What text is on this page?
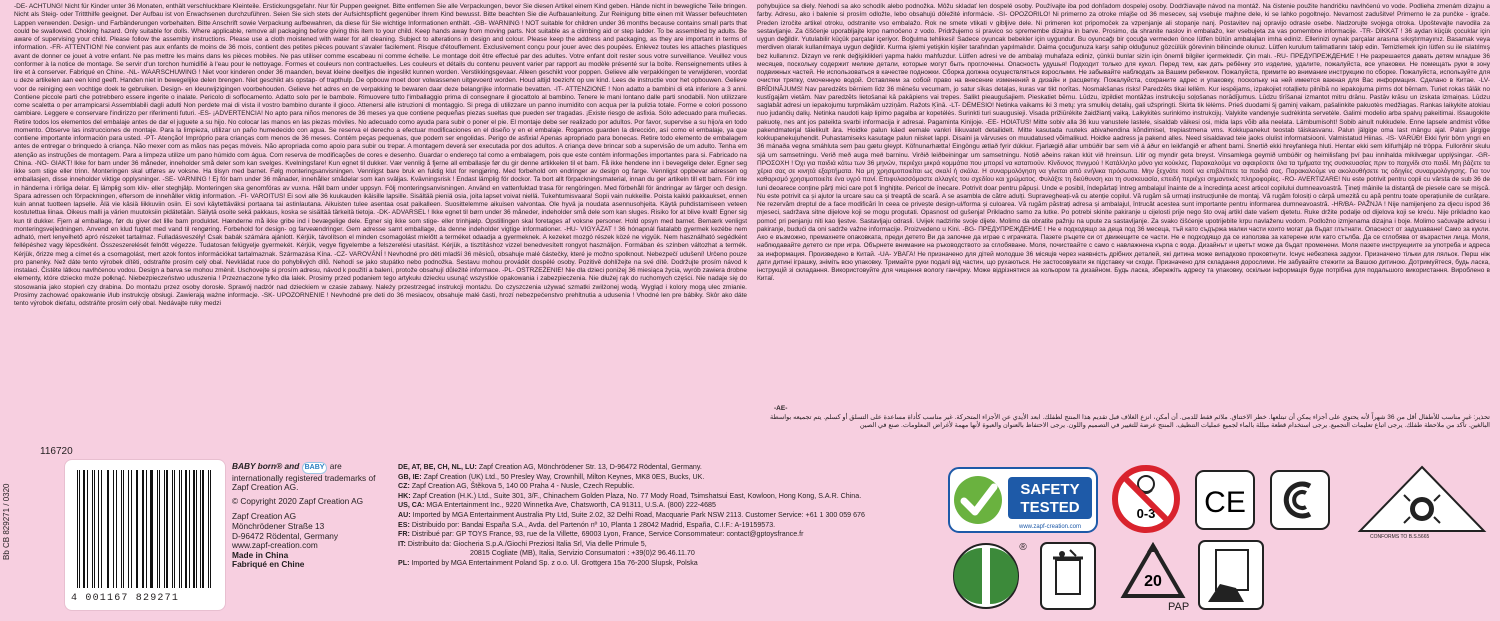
-DE- ACHTUNG! Nicht für Kinder unter 36 Monaten, enthält verschluckbare Kleinteile. Erstickungsgefahr. Nur für Puppen geeignet. Bitte entfernen Sie alle Verpackungen, bevor Sie diesen Artikel einem Kind geben. Hände nicht in bewegliche Teile bringen. Nicht als Steig- oder Trittthilfe geeignet. Der Aufbau ist von Erwachsenen durchzuführen. Seien Sie sich stets der Aufsichtspflicht gegenüber Ihrem Kind bewusst. Bitte beachten Sie die Aufbauanleitung. Zur Reinigung bitte einen mit Wasser befeuchteten Lappen verwenden. Design- und Farbänderungen vorbehalten. Bitte Anschrift sowie Verpackung aufbewahren, da diese für Sie wichtige Informationen enthält. -GB- WARNING ! NOT suitable for children under 36 months because contains small parts that could be swallowed. Choking hazard. Only suitable for dolls. Where applicable, remove all packaging before giving this item to your child. Keep hands away from moving parts. Not suitable as a climbing aid or step ladder. To be assembled by adults. Be aware of supervising your child. Please follow the assembly instructions. Please use a cloth moistened with water for all cleaning. Subject to alterations in design and colour. Please keep the address and packaging, as they are important in terms of information. -FR- ATTENTION! Ne convient pas aux enfants de moins de 36 mois, contient des petites pièces pouvant s'avaler facilement. Risque d'étouffement. Exclusivement conçu pour jouer avec des poupées. Enlevez toutes les attaches plastiques avant de donner ce jouet à votre enfant. Ne pas mettre les mains dans les pièces mobiles. Ne pas utiliser comme escabeau ni comme échelle. Le montage doit être effectué par des adultes. Votre enfant doit rester sous votre surveillance. Veuillez vous conformer à la notice de montage. Se servir d'un torchon humidifié à l'eau pour le nettoyage. Formes et couleurs non contractuelles. Les couleurs et détails du contenu peuvent varier par rapport au modèle présenté sur la boîte. Renseignements utiles à lire et à conserver. Fabriqué en Chine. -NL- WAARSCHUWING ! Niet voor kinderen onder 36 maanden, bevat kleine deeltjes die ingeslikt kunnen worden. Verstikkingsgevaar. Alleen geschikt voor poppen. Gelieve alle verpakkingen te verwijderen, voordat u deze artikelen aan een kind geeft. Handen niet in bewegelijke delen brengen. Niet geschikt als opstap- of trapthulp. De opbouw moet door volwassenen uitgevoerd worden. Houd altijd toezicht op uw kind. Lees de instructie voor het opbouwen. Gelieve voor de reiniging een vochtige doek te gebruiken. Design- en kleurwijzigingen voorbehouden. Gelieve het adres en de verpakking te bewaren daar deze belangrijke informatie bevatten. -IT- ATTENZIONE ! Non adatto a bambini di età inferiore a 3 anni. Contiene piccole parti che potrebbero essere ingerite o inalate. Pericolo di soffocamento. Adatto solo per le bambole. Rimuovere tutto l'imballaggio prima di consegnare il giocattolo al bambino. Tenere le mani lontano dalle parti snodabili. Non utilizzare come scaletta o per arrampicarsi Assemblabili dagli adulti Non perdete mai di vista il vostro bambino durante il gioco. Attenersi alle istruzioni di montaggio. Si prega di utilizzare un panno inumidito con acqua per la pulizia totale. Forme e colori possono cambiare. Leggere e conservare l'indirizzo per riferimenti futuri. -ES- ¡ADVERTENCIA! No apto para niños menores de 36 meses ya que contiene pequeñas piezas sueltas que pueden ser tragadas. ¡Existe riesgo de asfixia. Sólo adecuado para muñecas. Retire todos los elementos del embalaje antes de dar el juguete a su hijo. No colocar las manos en las piezas móviles. No adecuado como ayuda para subir o poner el pie. El montaje debe ser realizado por adultos. Por favor, supervise a su hijo/a en todo momento. Observe las instrucciones de montaje. Para la limpieza, utilizar un paño humedecido con agua. Se reserva el derecho a efectuar modificaciones en el diseño y en el embalaje. Rogamos guarden la dirección, así como el embalaje, ya que contiene importante información para usted. -PT- Atenção! Impróprio para crianças com menos de 36 meses. Contém peças pequenas, que podem ser engolidas. Perigo de asfixia! Apenas apropriado para bonecas. Retire todo elemento de embalagem antes de entregar o brinquedo à criança. Não mexer com as mãos nas peças móveis. Não apropriada como apoio para subir ou trepar. A montagem deverá ser executada por dos adultos. A criança deve brincar sob a supervisão de um adulto. Tenha em atenção as instruções de montagem. Para a limpeza utilize um pano húmido com água. Com reserva de modificações de cores e desenho. Guardar o endereço tal como a embalagem, pois que este contém informações importantes para si. Fabricado na China. -NO- GIAKT! Ikke for barn under 36 måneder, inneholder små deler som kan svelges. Kvelningsfare! Kun egnet til dukker. Vær vennlig å fjerne all emballasje før du gir denne artikkelen til et barn. Få ikke hendene inn i bevegelige deler. Egner seg ikke som stige eller trinn. Monteringen skal utføres av voksne. Ha tilsyn med barnet. Følg monteringsanvisningen. Vennligst bare bruk en fuktig klut for rengjøring. Med forbehold om endringer av design og farge. Vennligst oppbevar adressen og emballasjen, disse inneholder viktige opplysninger. -SE- VARNING ! Ej för barn under 36 månader, innehåller smådelar som kan sväljas. Kvävningsrisk ! Endast lämplig för dockor. Ta bort allt förpackningsmaterial, innan du ger artikeln till ett barn. För inte in händerna i rörliga delar. Ej lämplig som kliv- eller steghjälp. Monteringen ska genomföras av vuxna. Håll barn under uppsyn. Följ monteringsanvisningen. Använd en vattenfuktad trasa för rengöringen. Med förbehåll för ändringar av färger och design. Spara adressen och förpackningen, eftersom de innehåller viktig information. -FI- VAROITUS! Ei sovi alle 36 kuukauden ikäisille lapsille. Sisältää pieniä osia, joita lapset voivat niellä. Tukehtumisvaara! Sopii vain nukkeille. Poista kaikki pakkaukset, ennen kuin annat tuotteen lapselle. Älä vie käsiä liikkuviin osiin. Ei sovi käytettäväksi portaana tai astinlautana. Aikuisten tulee asentaa osat paikalleen. Suosittelemme aikuisen valvontaa. Ole hyvä ja noudata asennusohjeita. Käytä puhdistamiseen veteen kostutettua liinaa. Oikeus malli ja värien muutoksiin pidätetään. Säilytä osoite sekä pakkaus, koska se sisältää tärkeitä tietoja. -DK- ADVARSEL ! Ikke egnet til børn under 36 måneder, indeholder små dele som kan sluges. Risiko for at blive kvalt! Egner sig kun til dukker. Fjern al emballage, før du giver det lille barn produktet. Hænderne må ikke gribe ind i bevægelige dele. Egner sig ikke som stige- eller trinhjælp. Opstillingen skal foretages af voksne personer. Hold opsyn med barnet. Bemærk venligst monteringsvejledningen. Anvend en klud fugtet med vand til rengøring. Forbehold for design- og farveændringer. Gem adresse samt emballage, da denne indeholder vigtige informationer. -HU- VIGYÁZAT ! 36 hónapnál fiatalabb gyermek kezébe nem adható, mert lenyelhető apró részeket tartalmaz. Fulladásveszély! Csak babák számára ajánlott. Kérjük, távolítson el minden csomagolást mielőtt a terméket odaadja a gyermeknek. A kezeket mozgó részek közé ne vigyük. Nem használható segédként fellépéshez vagy lépcsőként. Összeszerelését felnőtt végezze. Tudatosan felügyelje gyermekét. Kérjük, vegye figyelembe a felszerelési utasítást. Kérjük, a tisztításhoz vizzel benedvesített rongyot használjon. Formában és színben változhat a termék. Kérjük, őrizze meg a címet és a csomagolást, mert azok fontos információkat tartalmaznak. Származása Kína. -CZ- VAROVÁNÍ ! Nevhodné pro děti mladší 36 měsíců, obsahuje malé částečky, které je možno spolknout. Nebezpečí udušení! Určeno pouze pro panenky. Než dáte tento výrobek dítěti, odstraňte prosím celý obal. Nevkládat ruce do pohyblivých dílů. Nehodí se jako stupátko nebo podnožka. Sestavu mohou provádět dospělé osoby. Pozitivě dohlížejte na své dítě. Dodržujte prosím návod k instalaci. Čistěte látkou navlhčenou vodou. Design a barva se mohou změnit. Uschovejte si prosím adresu, návod k použití a balení, protože obsahují důležité informace. -PL- OSTRZEŻENIE! Nie dla dzieci poniżej 36 miesiąca życia, wyrób zawiera drobne elementy, które dziecko może połknąć. Niebezpieczeństwo uduszenia ! Przeznaczone tylko dla lalek. Prosimy przed podaniem tego artykułu dziecku usunąć wszystkie opakowania i zabezpieczenia. Nie dłużej rąk do ruchomych części. Nie nadaje się do stosowania jako stopień czy drabina. Do montażu przez osoby dorosłe. Sprawój nadzór nad dzieckiem w czasie zabawy. Należy przestrzegać instrukcji montażu. Do czyszczenia używać szmatki zwilżonej wodą. Wygląd i kolory mogą ulec zmianie. Prosimy zachować opakowanie i/lub instrukcję obsługi. Zawierają ważne informacje. -SK- UPOZORNENIE ! Nevhodné pre deti do 36 mesiacov, obsahuje malé časti, hrozí nebezpečenstvo prehltnutia a udusenia ! Vhodné len pre bábiky. Skôr ako dáte tento výrobok dieťatu, odstráňte prosím celý obal. Nedávajte ruky medzi

pohybujúce sa diely. Nehodí sa ako schodík alebo podnožka. Môžu skladať len dospelé osoby. Používajte iba pod dohľadom dospelej osoby. Dodržiavajte návod na montáž. Na čistenie použite handričku navlhčenú vo vode. Podlieha zmenám dizajnu a farby. Adresu, ako i balenie si prosím odložte, lebo obsahujú dôležité informácie. -SI- OPOZORILO! Ni primerno za otroke mlajše od 36 mesecev, saj vsebuje majhne dele, ki se lahko pogoltnejo. Nevarnost zadušitve! Primerno le za punčke - igrače. Preden izročite artikel otroku, odstranite vso embalažo. Rok ne smete vtikati v gibljive dele. Ni primeren kot pripomoček za vzpenjanje ali stopanje nanj. Postavitev naj opravijo odrasle osebe. Nadzorujte svojega otroka. Upoštevajte navodila za sestavljanje. Za čiščenje uporabljajte krpo namočeno z vodo. Pridržujemo si pravico so spremembe dizajna in barve. Prosimo, da shranite naslov in embalažo, ker vsebujeta za vas pomembne informacije. -TR- DİKKAT ! 36 aydan küçük çocuklar için uygun değildir. Yutulabilir küçük parçalar içeriyor. Boğulma tehlikesi! Sadece oyuncak bebekler için uygundur. Bu oyuncağı bir çocuğa vermeden önce lütfen bütün ambalajları imha ediniz. Ellerinizi oynak parçalar arasına sıkıştırmayınız. Basamak veya merdiven olarak kullanılmaya uygun değildir. Kurma işlemi yetişkin kişiler tarafından yapılmalıdır. Daima çocuğunuza karşı sahip olduğunuz gözcülük görevinin bilincinde olunuz. Lütfen kurulum talimatlarını takip edin. Temizlemek için lütfen su ile ıslatılmış bez kullanınız. Dizayn ve renk değişiklikleri yapma hakkı mahfuzdur. Lütfen adresi ve de ambalajı muhafaza ediniz, çünkü bunlar sizin için önemli bilgiler içermektedir. Çin malı. -RU- ПРЕДУПРЕЖДЕНИЕ ! Не разрешается давать детям младше 36 месяцев, поскольку содержит мелкие детали, которые могут быть проглочены. Опасность удушья! Подходит только для кукол. Перед тем, как дать ребёнку это изделие, удалите, пожалуйста, все упаковки. Не помещать руки в зону подвижных частей. Не использоваться в качестве подножки. Сборка должна осуществляться взрослыми. Не забывайте наблюдать за Вашим ребенком. Пожалуйста, примите во внимание инструкцию по сборке. Пожалуйста, используйте для очистки тряпку, смоченную водой. Оставляем за собой право на внесение изменений в дизайн и расцветку. Пожалуйста, сохраните адрес и упаковку, поскольку на ней имеется важная для Вас информация. Сделано в Китае. -LV- BRĪDINĀJUMS! Nav paredzēts bērniem līdz 36 mēnešu vecumam, jo satur sīkas detaļas, kuras var tikt norītas. Nosmakšanas risks! Paredzēts tikai lellēm. Kur iespējams, izpakojiet rotaļlietu pilnībā no iepakojuma pirms dot bērnam. Turiet rokas tālāk no kustīgajām vietām. Nav paredzēts lietošanai kā pakāpiens vai trepes. Salikt pieaugušajiem. Pieskatiet bērnu. Lūdzu, izpildiet montāžas instrukciju soļošanas norādījumus. Lūdzu tīrīšanai izmantot mitru drānu. Pastāv krāsu un izskata izmaiņas. Lūdzu saglabāt adresi un iepakojumu turpmākām uzziņām. Ražots Ķīnā. -LT- DĖMESIO! Netinka vaikams iki 3 metų: yra smulkių detalių, gali užspringti. Skirta tik lėlėms. Prieš duodami šį gaminį vaikam, pašalinkite pakuotės medžiagas. Rankas laikykite atokiau nuo judančių dalių. Netinka naudoti kaip lipimo pagalba ar kopetėlės. Surinkti turi suaugusieji. Visada prižiūrėkite žaidžiantį vaiką. Laikykitės surinkimo instrukcijų. Valykite vandenyje sudrėkinta servetėle. Galimi modelio arba spalvų pakeitimai. Išsaugokite pakuotę, nes ant jos pateikta svarbi informacija ir adresai. Pagaminta Kinijoje. -EE- HOIATUS! Mitte sobiv alla 36 kuu vanustele lastele, sisaldab väikesi osi, mida laps võib alla neelata. Lämbumisoht! Sobib ainult nukkudele. Enne lapsele andmist võtke pakendmaterjal täielikult ära. Hoidke palun käed eemale vankri liikuvatelt detailidelt. Mitte kasutada ruuteks abivahendina kõndimisel, trepiastmena vms. Kokkupanekut teostab täiskasvanu. Palun jälgige oma last mängu ajal. Palun järgige kokkupanekujuhendit. Puhastamiseks kasutage palun niisket lappi. Disaini ja värvuses on muudatused võimalikud. Hoidke aadress ja pakend alles. Need sisaldavad teie jaoks olulist informatsiooni. Valmistatud Hiinas. -IS- VARÚÐ! Ekki fyrir börn yngri en 36 mánaða vegna smáhluta sem þau gætu gleypt. Köfnunarhætta! Eingöngu ætlað fyrir dúkkur. Fjarlægið allar umbúðir bar sem við á áður en leikfangið er afhent barni. Snertið ekki hreyfanlega hluti. Hentar ekki sem klifurhjálp né tröppa. Fullorðnir skulu sjá um samsetningu. Verið með auga með barninu. Virðið leiðbeiningar um samsetningu. Notið aðeins rakan klút við hreinsun. Litir og myndir geta breyst. Vinsamlega geymið umbúðir og heimilisfang því þau innihalda mikilvægar upplýsingar. -GR- ΠΡΟΣΟΧΗ ! Όχι για παιδιά κάτω των 36 μηνών, περιέχει μικρά κομμάτια που μπορεί να καταπιούν. Κίνδυνος πνιγμού ! Κατάλληλο μόνο για κούκλες. Παρακαλούμε να αφαιρέσετε όλα τα τμήματα της συσκευασίας πριν το παιχνίδι στο παιδί. Μη βάζετε τα χέρια σας σε κινητά εξαρτήματα. Να μη χρησιμοποιείται ως σκαλί ή σκάλα. Η συναρμολόγηση να γίνεται από ενήλικα πρόσωπα. Μην ξεχνάτε ποτέ να επιβλέπετε τα παιδιά σας. Παρακαλούμε να ακολουθήσετε τις οδηγίες συναρμολόγησης. Για τον καθαρισμό χρησιμοποιείτε ένα υγρό πανί. Επιφυλασσόμαστε αλλαγές του σχεδίου και χρώματος. Φυλάξτε τη διεύθυνση και τη συσκευασία, επειδή περιέχει σημαντικές πληροφορίες. -RO- AVERTIZARE! Nu este potrivit pentru copii cu vârsta de sub 36 de luni deoarece conține părți mici care pot fi înghițite. Pericol de înecare. Potrivit doar pentru păpuși. Unde e posibil, îndepărtați întreg ambalajul înainte de a încredința acest articol copilului dumneavoastră. Țineți mâinile la distanță de piesele care se mișcă. Nu este potrivit ca și ajutor la urcare sau ca și treaptă de scară. A se asambla de către adulți. Supravegheați-vă cu atenție copilul. Vă rugăm să urmați instrucțiunile de montaj. Vă rugăm folosiți o cârpă umezită cu apă pentru toate operațiunile de curățare. Ne rezervăm dreptul de a face modificări în ceea ce privește design-ul/forma și culoarea. Vă rugăm păstrați adresa și ambalajul, întrucât acestea sunt importante pentru informarea dumneavoastră. -HR/BA- PAŽNJA ! Nije namijenjeno za djecu ispod 36 mjeseci, sadržava sitne dijelove koji se mogu progutati. Opasnost od gušenja! Prikladno samo za lutke. Po potrebi skinite pakiranje u cijelosti prije nego što ovaj artikl date vašem djetetu. Ruke držite podalje od dijelova koji se kreću. Nije prikladno kao pomoć pri penjanju niti kao ljestve. Sastavljaju odrasli. Uvijek nadzirite svoje dijete. Molimo da obratite pažnju na upute za sastavljanje. Za svako čišćenje upotrijebite krpu navlaženu vodom. Podložno izmjenama dizajna i boje. Molimo sačuvajte adresu i pakiranje, budući da oni sadrže važne informacije. Proizvedeno u Kini. -BG- ПРЕДУПРЕЖДЕНИЕ ! Не е подходящо за деца под 36 месеца, тъй като съдържа малки части които могат да бъдат глътнати. Опасност от задушаване! Само за кукли. Ако е възможно, премахнете опаковката, преди детето Ви да започне да играе с играчката. Пазете ръцете си от движещите се части. Не е подходящо да се използва за катерене или като стълба. Да се сглобява от възрастни лица. Моля, наблюдавайте детето си при игра. Обърнете внимание на ръководството за сглобяване. Моля, почиствайте с само с навлажнена кърпа с вода. Дизайнът и цветът може да бъдат променени. Моля пазете инструкциите за употреба и адреса за информация. Произведено в Китай. -UA- УВАГА! Не призначено для дітей молодше 36 місяців через наявність дрібних деталей, які дитина може випадково проковтнути. Існує небезпека задухи. Призначено тільки для ляльок. Перш ніж дати дитині іграшку, зніміть всю упаковку. Тримайте руки подалі від частин, що рухаються. Не застосовувати як підставку чи сходи. Призначено для складання дорослими. Не забувайте стежити за Вашою дитиною. Дотримуйтеся, будь ласка, інструкцій зі складання. Використовуйте для чищення вологу ганчірку. Може відрізнятися за кольором та дизайном. Будь ласка, збережіть адресу та упаковку, оскільки інформація буде потрібна для подальшого використання. Вироблено в Китаї.

-AE-
تحذير: غير مناسب للأطفال أقل من 36 شهراً لأنه يحتوي على أجزاء يمكن أن تبتلعها. خطر الاختناق. ملائم فقط للدمى. أن أمكن، انزع الغلاف قبل تقديم هذا المنتج لطفلك. ابعد الأيدي عن الأجزاء المتحركة. غير مناسب كأداة مساعدة على التسلق أو كسلم. يتم تجميعه بواسطة البالغين. تأكد من ملاحظة طفلك. يرجى اتباع تعليمات التجميع. يرجى استخدام قطعة مبللة بالماء لجميع عمليات التنظيف. المنتج عرضة للتغيير في التصميم واللون. يرجى الاحتفاظ بالعنوان والعبوة لأنها مهمة لأغراض المعلومات. صنع في الصين
116720
Bb CB 829271 / 0320
4 001167 829271

BABY born® and BABY are internationally registered trademarks of Zapf Creation AG.

© Copyright 2020 Zapf Creation AG

Zapf Creation AG

Mönchrödener Straße 13

D-96472 Rödental, Germany

www.zapf-creation.com

Made in China

Fabriqué en Chine

DE, AT, BE, CH, NL, LU: Zapf Creation AG, Mönchrödener Str. 13, D-96472 Rödental, Germany.
GB, IE: Zapf Creation (UK) Ltd., 50 Presley Way, Crownhill, Milton Keynes, MK8 0ES, Bucks, UK.
CZ: Zapf Creation AG, Štěkova 5, 140 00 Praha 4 - Nusle, Czech Republic.
HK: Zapf Creation (H.K.) Ltd., Suite 301, 3/F., Chinachem Golden Plaza, No. 77 Mody Road, Tsimshatsui East, Kowloon, Hong Kong, S.A.R. China.
US, CA: MGA Entertainment Inc., 9220 Winnetka Ave, Chatsworth, CA 91311, U.S.A. (800) 222-4685
AU: Imported by MGA Entertainment Australia Pty Ltd, Suite 2.02, 32 Delhi Road, Macquarie Park NSW 2113. Customer Service: +61 1 300 059 676
ES: Distribuido por: Bandai España S.A., Avda. del Partenón nº 10, Planta 1 28042 Madrid, España, C.I.F.: A-19159573.
FR: Distribué par: GP TOYS France, 93, rue de la Villette, 69003 Lyon, France, Service Consommateur: contact@gptoysfrance.fr
IT: Distribuito da: Giocheria S.p.A./Giochi Preziosi Italia Srl, Via delle Primule 5,
20815 Cogliate (MB), Italia, Servizio Consumatori : +39(0)2 96.46.11.70
PL: Imported by MGA Entertainment Poland Sp. z o.o. Ul. Grottgera 15a 76-200 Slupsk, Polska
SAFETY
TESTED
www.zapf-creation.com
0-3 CE
®
20
CONFORMS TO B.S.5665
PAP
